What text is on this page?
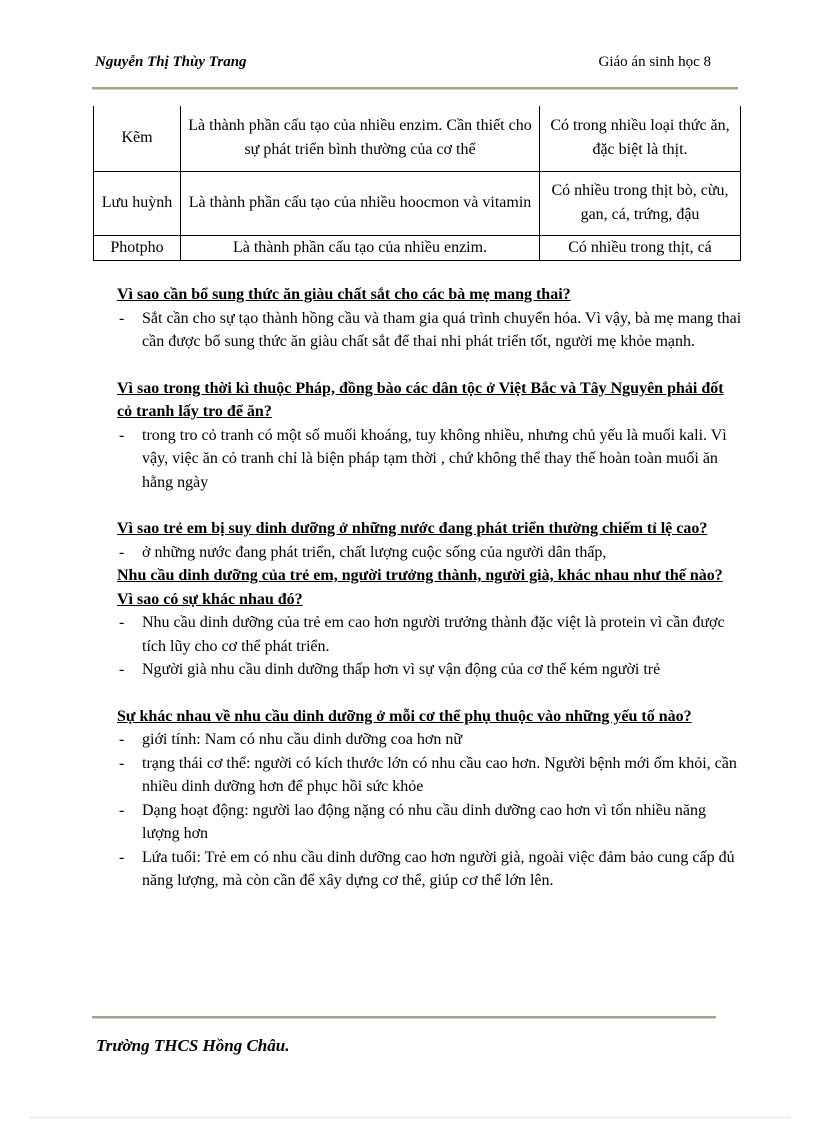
Nguyễn Thị Thùy Trang	Giáo án sinh học 8
Kẽm	Là thành phần cấu tạo của nhiều enzim. Cần thiết cho sự phát triển bình thường của cơ thể	Có trong nhiều loại thức ăn, đặc biệt là thịt.
Lưu huỳnh	Là thành phần cấu tạo của nhiều hoocmon và vitamin	Có nhiều trong thịt bò, cừu, gan, cá, trứng, đậu
Photpho	Là thành phần cấu tạo của nhiều enzim.	Có nhiều trong thịt, cá
Vì sao cần bổ sung thức ăn giàu chất sắt cho các bà mẹ mang thai?
- Sắt cần cho sự tạo thành hồng cầu và tham gia quá trình chuyển hóa. Vì vậy, bà mẹ mang thai cần được bổ sung thức ăn giàu chất sắt để thai nhi phát triển tốt, người mẹ khỏe mạnh.
Vì sao trong thời kì thuộc Pháp, đồng bào các dân tộc ở Việt Bắc và Tây Nguyên phải đốt cỏ tranh lấy tro để ăn?
- trong tro cỏ tranh có một số muối khoáng, tuy không nhiều, nhưng chủ yếu là muối kali. Vì vậy, việc ăn cỏ tranh chỉ là biện pháp tạm thời , chứ không thể thay thế hoàn toàn muối ăn hằng ngày
Vì sao trẻ em bị suy dinh dưỡng ở những nước đang phát triển thường chiếm tỉ lệ cao?
- ở những nước đang phát triển, chất lượng cuộc sống của người dân thấp,
Nhu cầu dinh dưỡng của trẻ em, người trưởng thành, người già, khác nhau như thế nào? Vì sao có sự khác nhau đó?
- Nhu cầu dinh dưỡng của trẻ em cao hơn người trưởng thành đặc việt là protein vì cần được tích lũy cho cơ thể phát triển.
- Người già nhu cầu dinh dưỡng thấp hơn vì sự vận động của cơ thể kém người trẻ
Sự khác nhau về nhu cầu dinh dưỡng ở mỗi cơ thể phụ thuộc vào những yếu tố nào?
- giới tính: Nam có nhu cầu dinh dưỡng coa hơn nữ
- trạng thái cơ thể: người có kích thước lớn có nhu cầu cao hơn. Người bệnh mới ốm khỏi, cần nhiều dinh dưỡng hơn để phục hồi sức khỏe
- Dạng hoạt động: người lao động nặng có nhu cầu dinh dưỡng cao hơn vì tốn nhiều năng lượng hơn
- Lứa tuổi: Trẻ em có nhu cầu dinh dưỡng cao hơn người già, ngoài việc đảm bảo cung cấp đủ năng lượng, mà còn cần để xây dựng cơ thể, giúp cơ thể lớn lên.
Trường THCS Hồng Châu.
